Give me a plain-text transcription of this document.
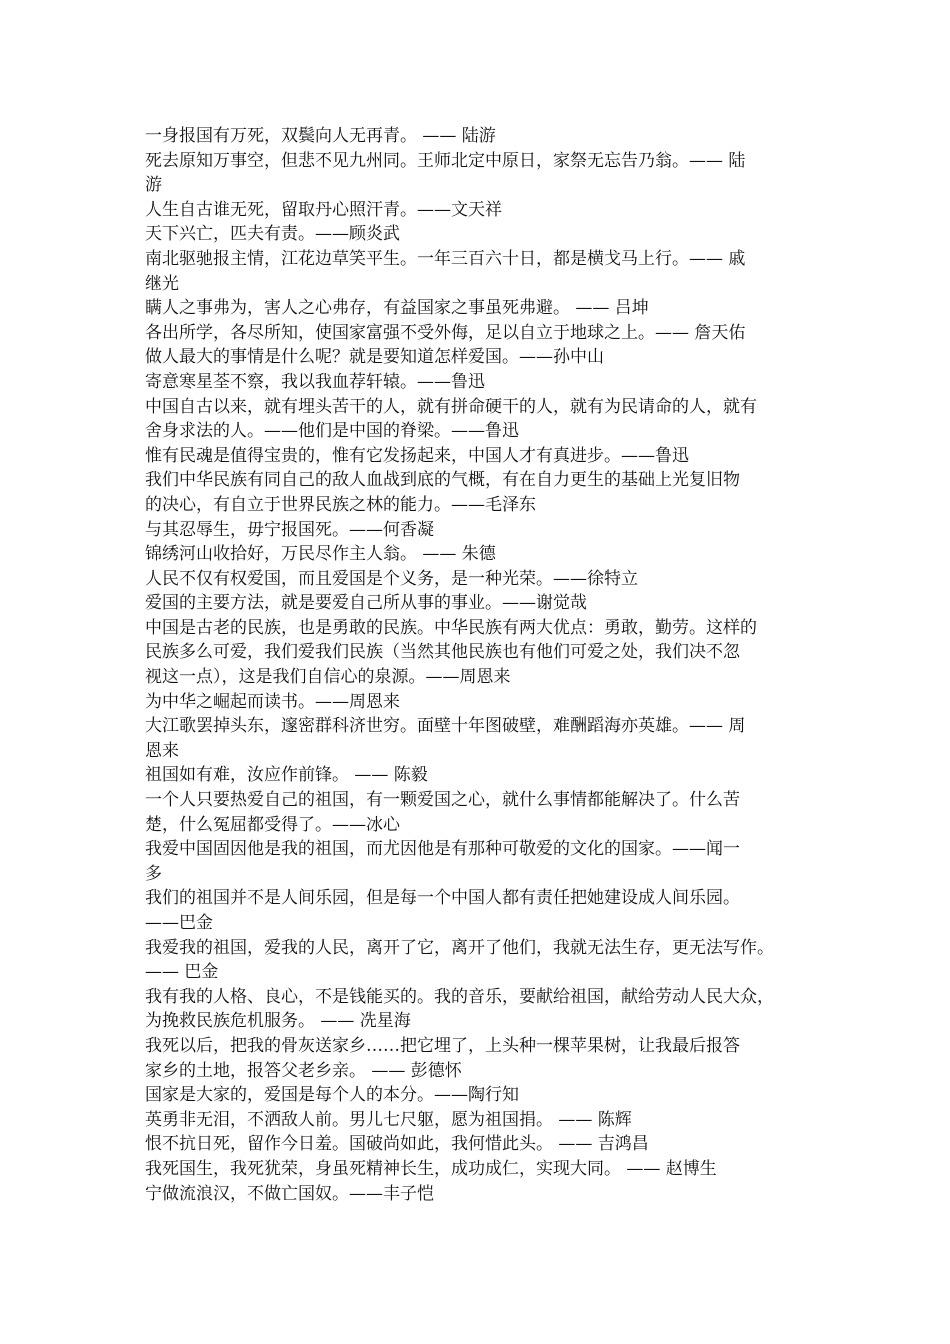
一身报国有万死，双鬓向人无再青。 —— 陆游
死去原知万事空，但悲不见九州同。王师北定中原日，家祭无忘告乃翁。—— 陆
游
人生自古谁无死，留取丹心照汗青。——文天祥
天下兴亡，匹夫有责。——顾炎武
南北驱驰报主情，江花边草笑平生。一年三百六十日，都是横戈马上行。—— 戚
继光
瞒人之事弗为，害人之心弗存，有益国家之事虽死弗避。 —— 吕坤
各出所学，各尽所知，使国家富强不受外侮，足以自立于地球之上。—— 詹天佑
做人最大的事情是什么呢？就是要知道怎样爱国。——孙中山
寄意寒星荃不察，我以我血荐轩辕。——鲁迅
中国自古以来，就有埋头苦干的人，就有拼命硬干的人，就有为民请命的人，就有
舍身求法的人。——他们是中国的脊梁。——鲁迅
惟有民魂是值得宝贵的，惟有它发扬起来，中国人才有真进步。——鲁迅
我们中华民族有同自己的敌人血战到底的气概，有在自力更生的基础上光复旧物
的决心，有自立于世界民族之林的能力。——毛泽东
与其忍辱生，毋宁报国死。——何香凝
锦绣河山收拾好，万民尽作主人翁。 —— 朱德
人民不仅有权爱国，而且爱国是个义务，是一种光荣。——徐特立
爱国的主要方法，就是要爱自己所从事的事业。——谢觉哉
中国是古老的民族，也是勇敢的民族。中华民族有两大优点：勇敢，勤劳。这样的
民族多么可爱，我们爱我们民族（当然其他民族也有他们可爱之处，我们决不忽
视这一点），这是我们自信心的泉源。——周恩来
为中华之崛起而读书。——周恩来
大江歌罢掉头东，邃密群科济世穷。面壁十年图破壁，难酬蹈海亦英雄。—— 周
恩来
祖国如有难，汝应作前锋。 —— 陈毅
一个人只要热爱自己的祖国，有一颗爱国之心，就什么事情都能解决了。什么苦
楚，什么冤屈都受得了。——冰心
我爱中国固因他是我的祖国，而尤因他是有那种可敬爱的文化的国家。——闻一
多
我们的祖国并不是人间乐园，但是每一个中国人都有责任把她建设成人间乐园。
——巴金
我爱我的祖国，爱我的人民，离开了它，离开了他们，我就无法生存，更无法写作。
—— 巴金
我有我的人格、良心，不是钱能买的。我的音乐，要献给祖国，献给劳动人民大众，
为挽救民族危机服务。 —— 冼星海
我死以后，把我的骨灰送家乡……把它埋了，上头种一棵苹果树，让我最后报答
家乡的土地，报答父老乡亲。 —— 彭德怀
国家是大家的，爱国是每个人的本分。——陶行知
英勇非无泪，不洒敌人前。男儿七尺躯，愿为祖国捐。 —— 陈辉
恨不抗日死，留作今日羞。国破尚如此，我何惜此头。 —— 吉鸿昌
我死国生，我死犹荣，身虽死精神长生，成功成仁，实现大同。 —— 赵博生
宁做流浪汉，不做亡国奴。——丰子恺
